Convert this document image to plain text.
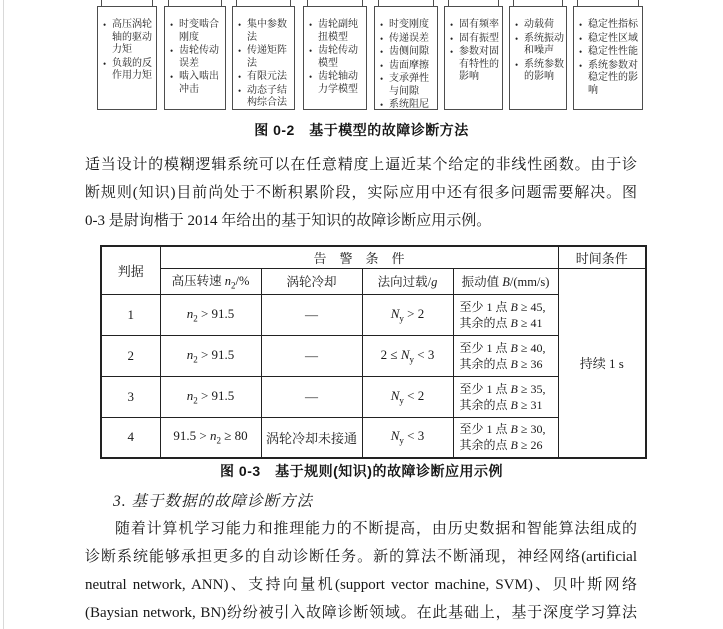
• 高压涡轮轴的驱动力矩
• 负载的反作用力矩
• 时变啮合刚度
• 齿轮传动误差
• 啮入啮出冲击
• 集中参数法
• 传递矩阵法
• 有限元法
• 动态子结构综合法
• 齿轮副纯扭模型
• 齿轮传动模型
• 齿轮轴动力学模型
• 时变刚度
• 传递误差
• 齿侧间隙
• 齿面摩擦
• 支承弹性与间隙
• 系统阻尼
• 固有频率
• 固有振型
• 参数对固有特性的影响
• 动载荷
• 系统振动和噪声
• 系统参数的影响
• 稳定性指标
• 稳定性区域
• 稳定性性能
• 系统参数对稳定性的影响
图 0-2　基于模型的故障诊断方法
适当设计的模糊逻辑系统可以在任意精度上逼近某个给定的非线性函数。由于诊
断规则(知识)目前尚处于不断积累阶段，实际应用中还有很多问题需要解决。图
0-3 是尉询楷于 2014 年给出的基于知识的故障诊断应用示例。
判据	告　警　条　件				时间条件
	高压转速 $n_2/\%$	涡轮冷却	法向过载/g	振动值 B/(mm/s)	持续 1 s
1	$n_2 > 91.5$	—	$N_y > 2$	至少 1 点 B ≥ 45,
其余的点 B ≥ 41	

2	$n_2 > 91.5$	—	$2 \le N_y < 3$	至少 1 点 B ≥ 40,
其余的点 B ≥ 36	

3	$n_2 > 91.5$	—	$N_y < 2$	至少 1 点 B ≥ 35,
其余的点 B ≥ 31	

4	$91.5 > n_2 \ge 80$	涡轮冷却未接通	$N_y < 3$	至少 1 点 B ≥ 30,
其余的点 B ≥ 26	
图 0-3　基于规则(知识)的故障诊断应用示例
3. 基于数据的故障诊断方法
随着计算机学习能力和推理能力的不断提高，由历史数据和智能算法组成的
诊断系统能够承担更多的自动诊断任务。新的算法不断涌现，神经网络(artificial
neutral network, ANN)、支持向量机(support vector machine, SVM)、贝叶斯网络
(Baysian network, BN)纷纷被引入故障诊断领域。在此基础上，基于深度学习算法
